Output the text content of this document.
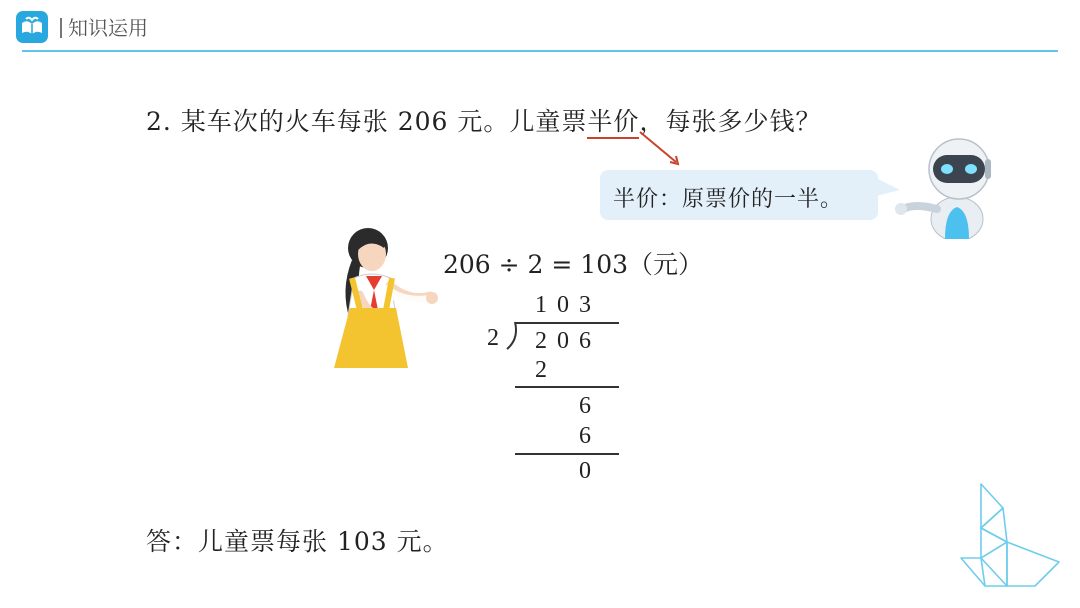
知识运用
2. 某车次的火车每张 206 元。儿童票半价，每张多少钱？
半价：原票价的一半。
206 ÷ 2 = 103（元）
1 0 3
2 2 0 6
2
6
6
0
答：儿童票每张 103 元。
